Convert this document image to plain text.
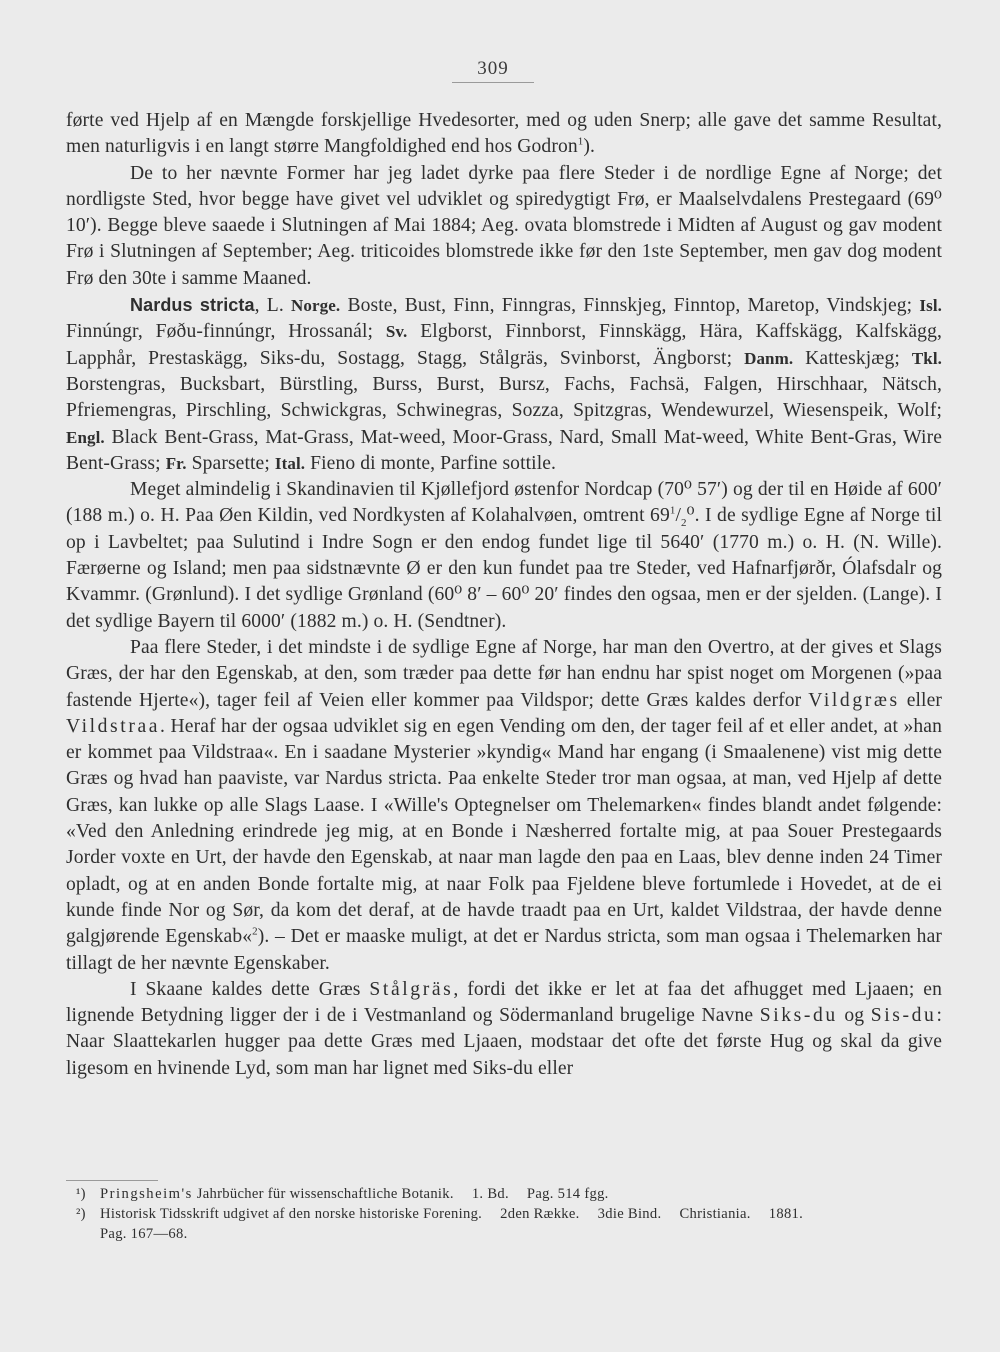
309

førte ved Hjelp af en Mængde forskjellige Hvedesorter, med og uden Snerp; alle gave det samme Resultat, men naturligvis i en langt større Mangfoldighed end hos Godron$^1$).

De to her nævnte Former har jeg ladet dyrke paa flere Steder i de nordlige Egne af Norge; det nordligste Sted, hvor begge have givet vel udviklet og spiredygtigt Frø, er Maalselvdalens Prestegaard (69⁰ 10′). Begge bleve saaede i Slutningen af Mai 1884; Aeg. ovata blomstrede i Midten af August og gav modent Frø i Slutningen af September; Aeg. triticoides blomstrede ikke før den 1ste September, men gav dog modent Frø den 30te i samme Maaned.

Nardus stricta, L. Norge. Boste, Bust, Finn, Finngras, Finnskjeg, Finntop, Maretop, Vindskjeg; Isl. Finnúngr, Føðu-finnúngr, Hrossanál; Sv. Elgborst, Finnborst, Finnskägg, Hära, Kaffskägg, Kalfskägg, Lapphår, Prestaskägg, Siks-du, Sostagg, Stagg, Stålgräs, Svinborst, Ängborst; Danm. Katteskjæg; Tkl. Borstengras, Bucksbart, Bürstling, Burss, Burst, Bursz, Fachs, Fachsä, Falgen, Hirschhaar, Nätsch, Pfriemengras, Pirschling, Schwickgras, Schwinegras, Sozza, Spitzgras, Wendewurzel, Wiesenspeik, Wolf; Engl. Black Bent-Grass, Mat-Grass, Mat-weed, Moor-Grass, Nard, Small Mat-weed, White Bent-Gras, Wire Bent-Grass; Fr. Sparsette; Ital. Fieno di monte, Parfine sottile.

Meget almindelig i Skandinavien til Kjøllefjord østenfor Nordcap (70⁰ 57′) og der til en Høide af 600′ (188 m.) o. H. Paa Øen Kildin, ved Nordkysten af Kolahalvøen, omtrent $69^1/_2^0$. I de sydlige Egne af Norge til op i Lavbeltet; paa Sulutind i Indre Sogn er den endog fundet lige til 5640′ (1770 m.) o. H. (N. Wille). Færøerne og Island; men paa sidstnævnte Ø er den kun fundet paa tre Steder, ved Hafnarfjørðr, Ólafsdalr og Kvammr. (Grønlund). I det sydlige Grønland (60⁰ 8′ – 60⁰ 20′ findes den ogsaa, men er der sjelden. (Lange). I det sydlige Bayern til 6000′ (1882 m.) o. H. (Sendtner).

Paa flere Steder, i det mindste i de sydlige Egne af Norge, har man den Overtro, at der gives et Slags Græs, der har den Egenskab, at den, som træder paa dette før han endnu har spist noget om Morgenen (»paa fastende Hjerte«), tager feil af Veien eller kommer paa Vildspor; dette Græs kaldes derfor Vildgræs eller Vildstraa. Heraf har der ogsaa udviklet sig en egen Vending om den, der tager feil af et eller andet, at »han er kommet paa Vildstraa«. En i saadane Mysterier »kyndig« Mand har engang (i Smaalenene) vist mig dette Græs og hvad han paaviste, var Nardus stricta. Paa enkelte Steder tror man ogsaa, at man, ved Hjelp af dette Græs, kan lukke op alle Slags Laase. I «Wille's Optegnelser om Thelemarken« findes blandt andet følgende: «Ved den Anledning erindrede jeg mig, at en Bonde i Næsherred fortalte mig, at paa Souer Prestegaards Jorder voxte en Urt, der havde den Egenskab, at naar man lagde den paa en Laas, blev denne inden 24 Timer opladt, og at en anden Bonde fortalte mig, at naar Folk paa Fjeldene bleve fortumlede i Hovedet, at de ei kunde finde Nor og Sør, da kom det deraf, at de havde traadt paa en Urt, kaldet Vildstraa, der havde denne galgjørende Egenskab«$^2$). – Det er maaske muligt, at det er Nardus stricta, som man ogsaa i Thelemarken har tillagt de her nævnte Egenskaber.

I Skaane kaldes dette Græs Stålgräs, fordi det ikke er let at faa det afhugget med Ljaaen; en lignende Betydning ligger der i de i Vestmanland og Södermanland brugelige Navne Siks-du og Sis-du: Naar Slaattekarlen hugger paa dette Græs med Ljaaen, modstaar det ofte det første Hug og skal da give ligesom en hvinende Lyd, som man har lignet med Siks-du eller

¹) Pringsheim's Jahrbücher für wissenschaftliche Botanik. 1. Bd. Pag. 514 fgg.

²) Historisk Tidsskrift udgivet af den norske historiske Forening. 2den Række. 3die Bind. Christiania. 1881.
Pag. 167—68.
